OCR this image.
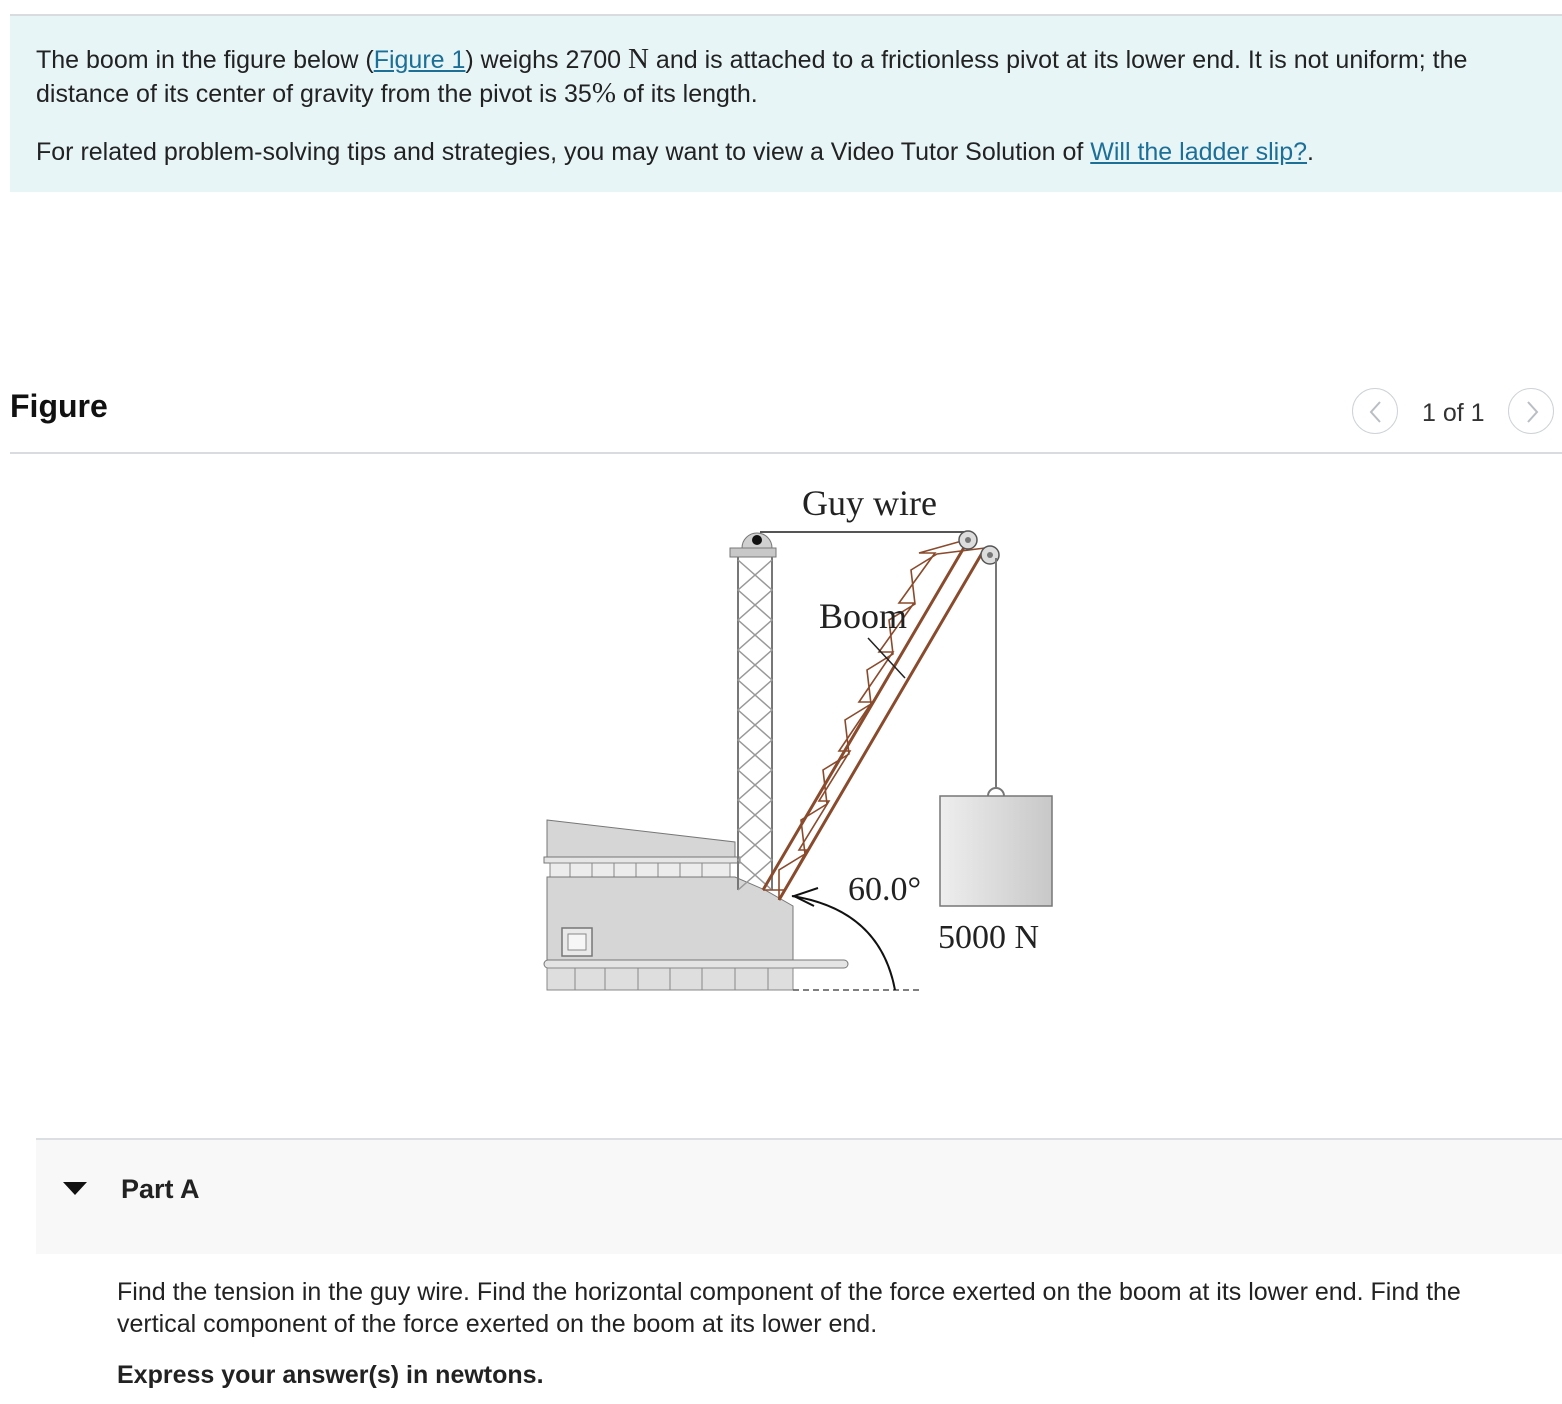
The boom in the figure below (Figure 1) weighs 2700 N and is attached to a frictionless pivot at its lower end. It is not uniform; the distance of its center of gravity from the pivot is 35% of its length.

For related problem-solving tips and strategies, you may want to view a Video Tutor Solution of Will the ladder slip?.

Figure	1 of 1
Guy wire
Boom
60.0°
5000 N
Part A

Find the tension in the guy wire. Find the horizontal component of the force exerted on the boom at its lower end. Find the vertical component of the force exerted on the boom at its lower end.

Express your answer(s) in newtons.
